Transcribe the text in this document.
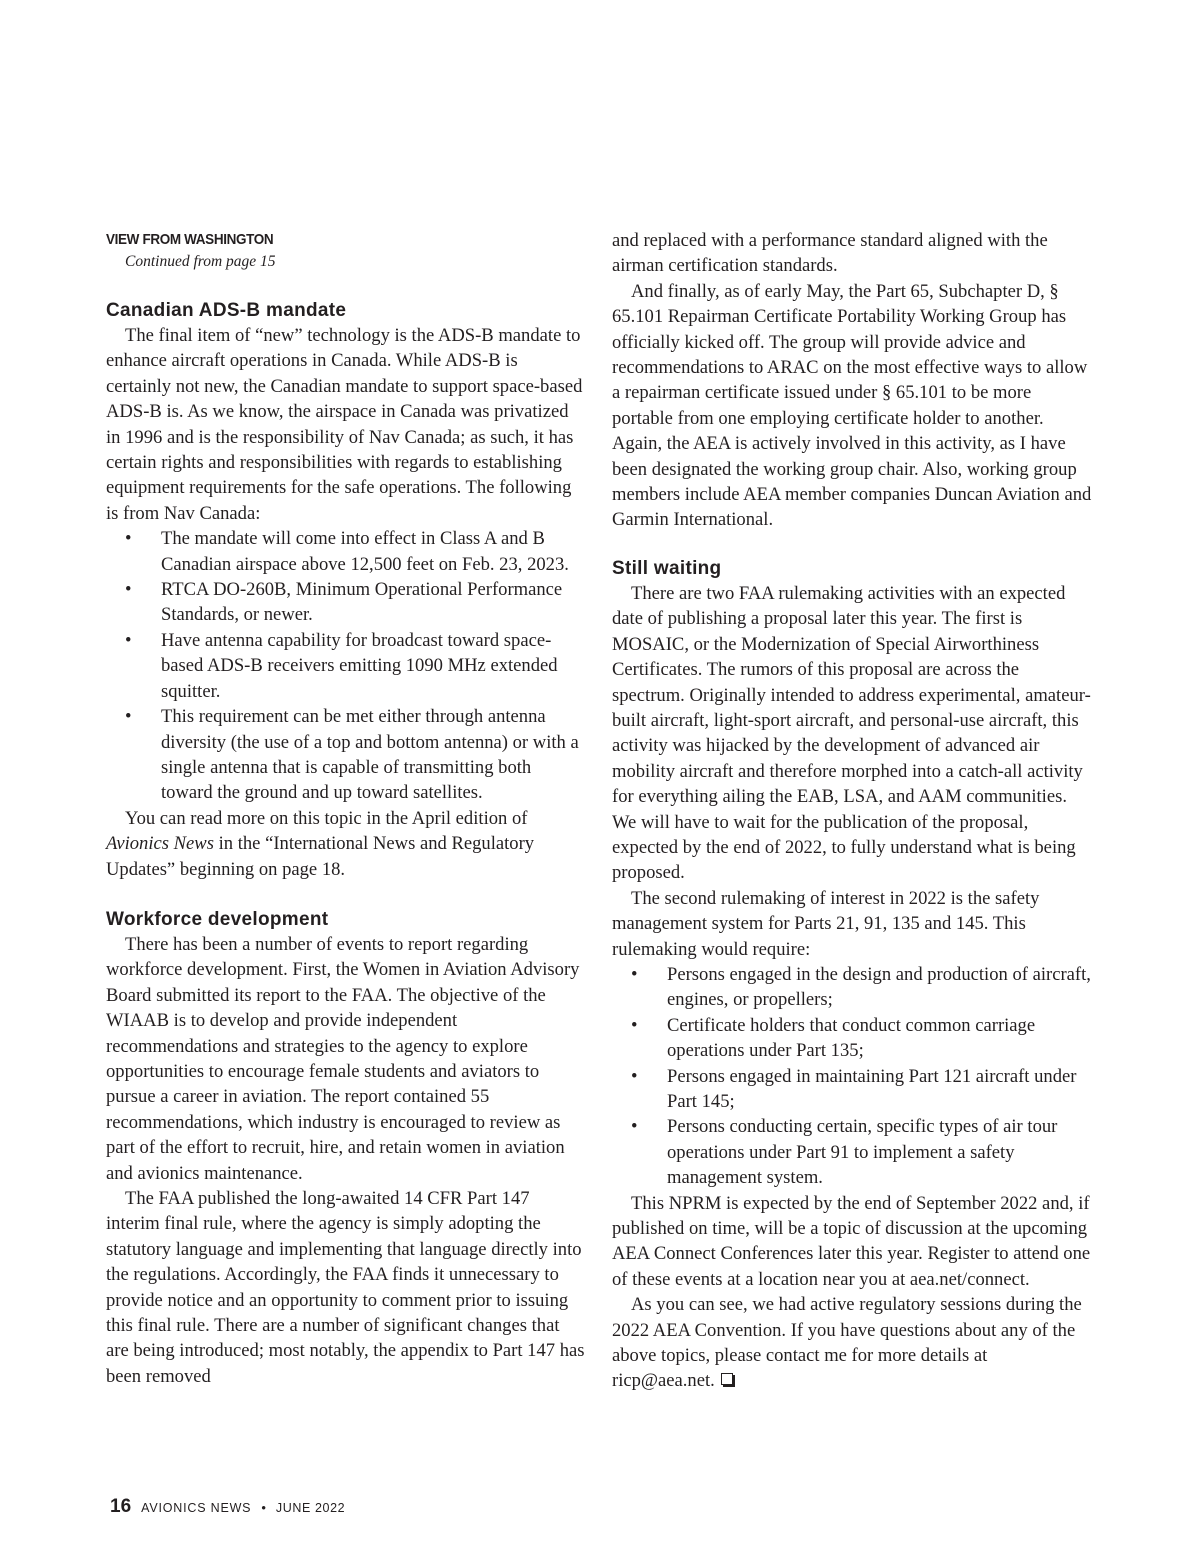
VIEW FROM WASHINGTON

Continued from page 15

Canadian ADS-B mandate

The final item of “new” technology is the ADS-B mandate to enhance aircraft operations in Canada. While ADS-B is certainly not new, the Canadian mandate to support space-based ADS-B is. As we know, the airspace in Canada was privatized in 1996 and is the responsibility of Nav Canada; as such, it has certain rights and responsibilities with regards to establishing equipment requirements for the safe operations. The following is from Nav Canada:

• The mandate will come into effect in Class A and B Canadian airspace above 12,500 feet on Feb. 23, 2023.
• RTCA DO-260B, Minimum Operational Performance Standards, or newer.
• Have antenna capability for broadcast toward space-based ADS-B receivers emitting 1090 MHz extended squitter.
• This requirement can be met either through antenna diversity (the use of a top and bottom antenna) or with a single antenna that is capable of transmitting both toward the ground and up toward satellites.

You can read more on this topic in the April edition of Avionics News in the “International News and Regulatory Updates” beginning on page 18.

Workforce development

There has been a number of events to report regarding workforce development. First, the Women in Aviation Advisory Board submitted its report to the FAA. The objective of the WIAAB is to develop and provide independent recommendations and strategies to the agency to explore opportunities to encourage female students and aviators to pursue a career in aviation. The report contained 55 recommendations, which industry is encouraged to review as part of the effort to recruit, hire, and retain women in aviation and avionics maintenance.

The FAA published the long-awaited 14 CFR Part 147 interim final rule, where the agency is simply adopting the statutory language and implementing that language directly into the regulations. Accordingly, the FAA finds it unnecessary to provide notice and an opportunity to comment prior to issuing this final rule. There are a number of significant changes that are being introduced; most notably, the appendix to Part 147 has been removed

and replaced with a performance standard aligned with the airman certification standards.

And finally, as of early May, the Part 65, Subchapter D, § 65.101 Repairman Certificate Portability Working Group has officially kicked off. The group will provide advice and recommendations to ARAC on the most effective ways to allow a repairman certificate issued under § 65.101 to be more portable from one employing certificate holder to another. Again, the AEA is actively involved in this activity, as I have been designated the working group chair. Also, working group members include AEA member companies Duncan Aviation and Garmin International.

Still waiting

There are two FAA rulemaking activities with an expected date of publishing a proposal later this year. The first is MOSAIC, or the Modernization of Special Airworthiness Certificates. The rumors of this proposal are across the spectrum. Originally intended to address experimental, amateur-built aircraft, light-sport aircraft, and personal-use aircraft, this activity was hijacked by the development of advanced air mobility aircraft and therefore morphed into a catch-all activity for everything ailing the EAB, LSA, and AAM communities. We will have to wait for the publication of the proposal, expected by the end of 2022, to fully understand what is being proposed.

The second rulemaking of interest in 2022 is the safety management system for Parts 21, 91, 135 and 145. This rulemaking would require:

• Persons engaged in the design and production of aircraft, engines, or propellers;
• Certificate holders that conduct common carriage operations under Part 135;
• Persons engaged in maintaining Part 121 aircraft under Part 145;
• Persons conducting certain, specific types of air tour operations under Part 91 to implement a safety management system.

This NPRM is expected by the end of September 2022 and, if published on time, will be a topic of discussion at the upcoming AEA Connect Conferences later this year. Register to attend one of these events at a location near you at aea.net/connect.

As you can see, we had active regulatory sessions during the 2022 AEA Convention. If you have questions about any of the above topics, please contact me for more details at ricp@aea.net.

16 AVIONICS NEWS • JUNE 2022
